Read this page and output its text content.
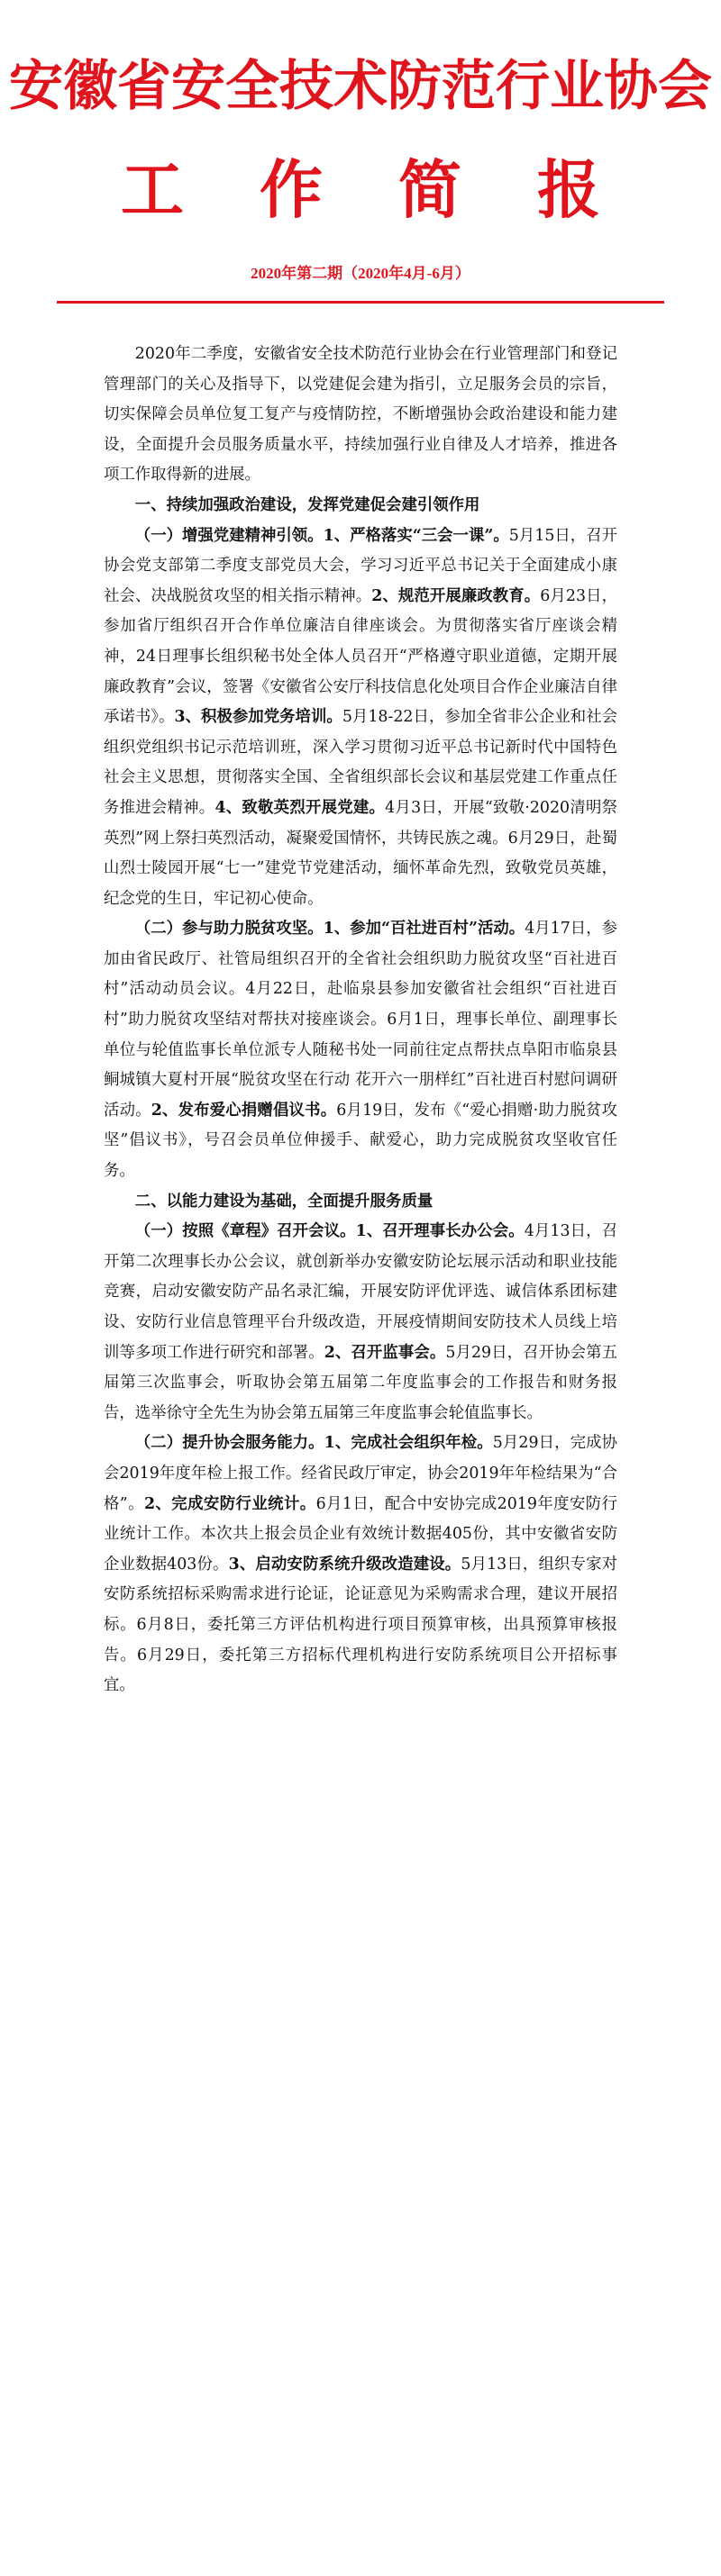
安徽省安全技术防范行业协会
工 作 简 报
2020年第二期（2020年4月-6月）

2020年二季度，安徽省安全技术防范行业协会在行业管理部门和登记管理部门的关心及指导下，以党建促会建为指引，立足服务会员的宗旨，切实保障会员单位复工复产与疫情防控，不断增强协会政治建设和能力建设，全面提升会员服务质量水平，持续加强行业自律及人才培养，推进各项工作取得新的进展。

一、持续加强政治建设，发挥党建促会建引领作用

（一）增强党建精神引领。1、严格落实“三会一课”。5月15日，召开协会党支部第二季度支部党员大会，学习习近平总书记关于全面建成小康社会、决战脱贫攻坚的相关指示精神。2、规范开展廉政教育。6月23日，参加省厅组织召开合作单位廉洁自律座谈会。为贯彻落实省厅座谈会精神，24日理事长组织秘书处全体人员召开“严格遵守职业道德，定期开展廉政教育”会议，签署《安徽省公安厅科技信息化处项目合作企业廉洁自律承诺书》。3、积极参加党务培训。5月18-22日，参加全省非公企业和社会组织党组织书记示范培训班，深入学习贯彻习近平总书记新时代中国特色社会主义思想，贯彻落实全国、全省组织部长会议和基层党建工作重点任务推进会精神。4、致敬英烈开展党建。4月3日，开展“致敬·2020清明祭英烈”网上祭扫英烈活动，凝聚爱国情怀，共铸民族之魂。6月29日，赴蜀山烈士陵园开展“七一”建党节党建活动，缅怀革命先烈，致敬党员英雄，纪念党的生日，牢记初心使命。

（二）参与助力脱贫攻坚。1、参加“百社进百村”活动。4月17日，参加由省民政厅、社管局组织召开的全省社会组织助力脱贫攻坚“百社进百村”活动动员会议。4月22日，赴临泉县参加安徽省社会组织“百社进百村”助力脱贫攻坚结对帮扶对接座谈会。6月1日，理事长单位、副理事长单位与轮值监事长单位派专人随秘书处一同前往定点帮扶点阜阳市临泉县鲖城镇大夏村开展“脱贫攻坚在行动 花开六一朋样红”百社进百村慰问调研活动。2、发布爱心捐赠倡议书。6月19日，发布《“爱心捐赠·助力脱贫攻坚”倡议书》，号召会员单位伸援手、献爱心，助力完成脱贫攻坚收官任务。

二、以能力建设为基础，全面提升服务质量

（一）按照《章程》召开会议。1、召开理事长办公会。4月13日，召开第二次理事长办公会议，就创新举办安徽安防论坛展示活动和职业技能竞赛，启动安徽安防产品名录汇编，开展安防评优评选、诚信体系团标建设、安防行业信息管理平台升级改造，开展疫情期间安防技术人员线上培训等多项工作进行研究和部署。2、召开监事会。5月29日，召开协会第五届第三次监事会，听取协会第五届第二年度监事会的工作报告和财务报告，选举徐守全先生为协会第五届第三年度监事会轮值监事长。

（二）提升协会服务能力。1、完成社会组织年检。5月29日，完成协会2019年度年检上报工作。经省民政厅审定，协会2019年年检结果为“合格”。2、完成安防行业统计。6月1日，配合中安协完成2019年度安防行业统计工作。本次共上报会员企业有效统计数据405份，其中安徽省安防企业数据403份。3、启动安防系统升级改造建设。5月13日，组织专家对安防系统招标采购需求进行论证，论证意见为采购需求合理，建议开展招标。6月8日，委托第三方评估机构进行项目预算审核，出具预算审核报告。6月29日，委托第三方招标代理机构进行安防系统项目公开招标事宜。
